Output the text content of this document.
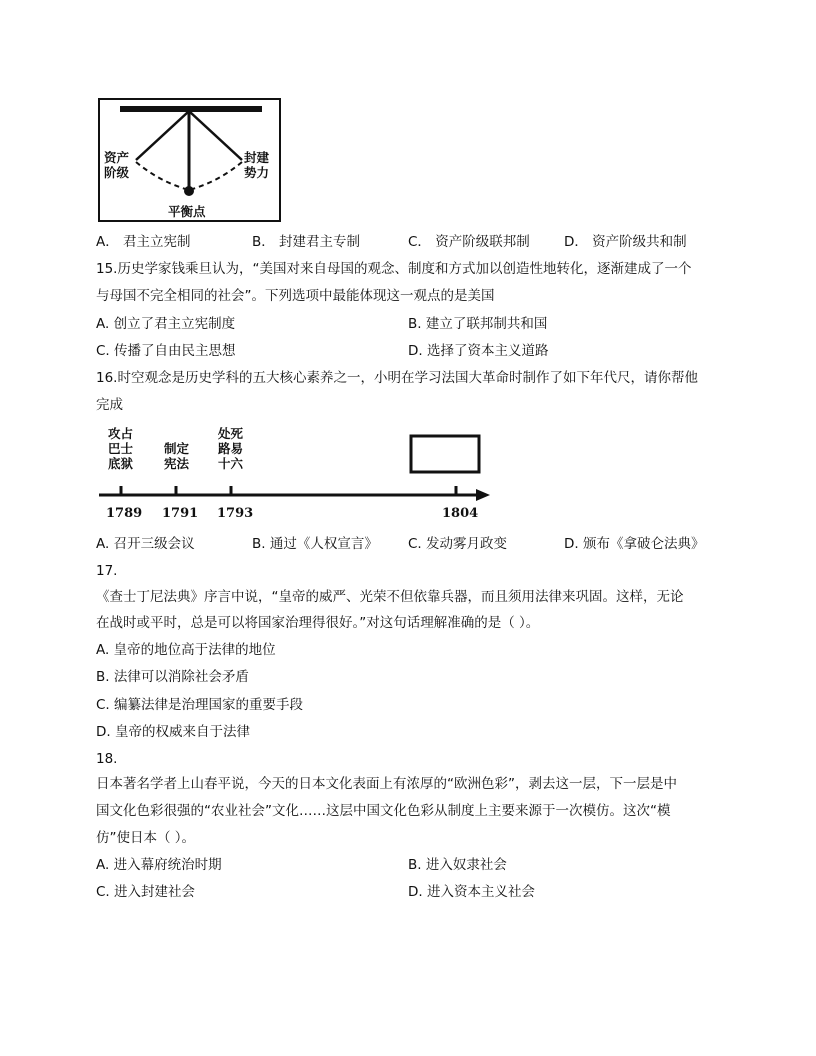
资产
阶级
封建
势力
平衡点
A． 君主立宪制	B． 封建君主专制	C． 资产阶级联邦制	D． 资产阶级共和制
15.历史学家钱乘旦认为，“美国对来自母国的观念、制度和方式加以创造性地转化，逐渐建成了一个
与母国不完全相同的社会”。下列选项中最能体现这一观点的是美国
A. 创立了君主立宪制度	B. 建立了联邦制共和国
C. 传播了自由民主思想	D. 选择了资本主义道路
16.时空观念是历史学科的五大核心素养之一，小明在学习法国大革命时制作了如下年代尺，请你帮他
完成
攻占
巴士
底狱
制定
宪法
处死
路易
十六
1789 1791 1793	1804
A. 召开三级会议	B. 通过《人权宣言》 C. 发动雾月政变	D. 颁布《拿破仑法典》
17.
《查士丁尼法典》序言中说，“皇帝的威严、光荣不但依靠兵器，而且须用法律来巩固。这样，无论
在战时或平时，总是可以将国家治理得很好。”对这句话理解准确的是（ ）。
A. 皇帝的地位高于法律的地位
B. 法律可以消除社会矛盾
C. 编纂法律是治理国家的重要手段
D. 皇帝的权威来自于法律
18.
日本著名学者上山春平说，今天的日本文化表面上有浓厚的“欧洲色彩”，剥去这一层，下一层是中
国文化色彩很强的“农业社会”文化……这层中国文化色彩从制度上主要来源于一次模仿。这次“模
仿”使日本（ ）。
A. 进入幕府统治时期	B. 进入奴隶社会
C. 进入封建社会	D. 进入资本主义社会
